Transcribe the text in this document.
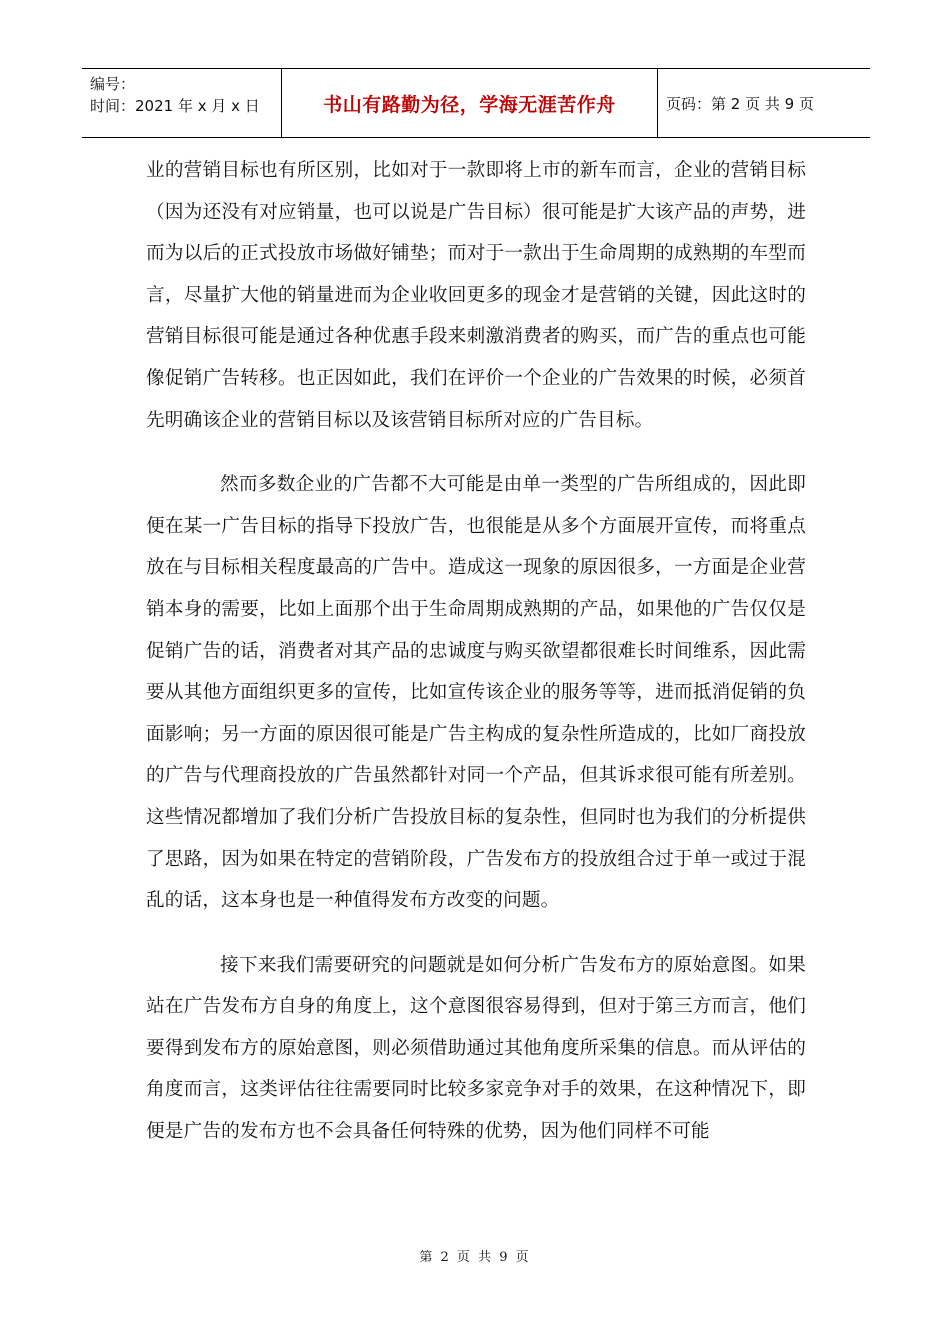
编号：
时间：2021 年 x 月 x 日	书山有路勤为径，学海无涯苦作舟	页码：第 2 页 共 9 页

业的营销目标也有所区别，比如对于一款即将上市的新车而言，企业的营销目标（因为还没有对应销量，也可以说是广告目标）很可能是扩大该产品的声势，进而为以后的正式投放市场做好铺垫；而对于一款出于生命周期的成熟期的车型而言，尽量扩大他的销量进而为企业收回更多的现金才是营销的关键，因此这时的营销目标很可能是通过各种优惠手段来刺激消费者的购买，而广告的重点也可能像促销广告转移。也正因如此，我们在评价一个企业的广告效果的时候，必须首先明确该企业的营销目标以及该营销目标所对应的广告目标。

然而多数企业的广告都不大可能是由单一类型的广告所组成的，因此即便在某一广告目标的指导下投放广告，也很能是从多个方面展开宣传，而将重点放在与目标相关程度最高的广告中。造成这一现象的原因很多，一方面是企业营销本身的需要，比如上面那个出于生命周期成熟期的产品，如果他的广告仅仅是促销广告的话，消费者对其产品的忠诚度与购买欲望都很难长时间维系，因此需要从其他方面组织更多的宣传，比如宣传该企业的服务等等，进而抵消促销的负面影响；另一方面的原因很可能是广告主构成的复杂性所造成的，比如厂商投放的广告与代理商投放的广告虽然都针对同一个产品，但其诉求很可能有所差别。这些情况都增加了我们分析广告投放目标的复杂性，但同时也为我们的分析提供了思路，因为如果在特定的营销阶段，广告发布方的投放组合过于单一或过于混乱的话，这本身也是一种值得发布方改变的问题。

接下来我们需要研究的问题就是如何分析广告发布方的原始意图。如果站在广告发布方自身的角度上，这个意图很容易得到，但对于第三方而言，他们要得到发布方的原始意图，则必须借助通过其他角度所采集的信息。而从评估的角度而言，这类评估往往需要同时比较多家竞争对手的效果，在这种情况下，即便是广告的发布方也不会具备任何特殊的优势，因为他们同样不可能

第 2 页 共 9 页
